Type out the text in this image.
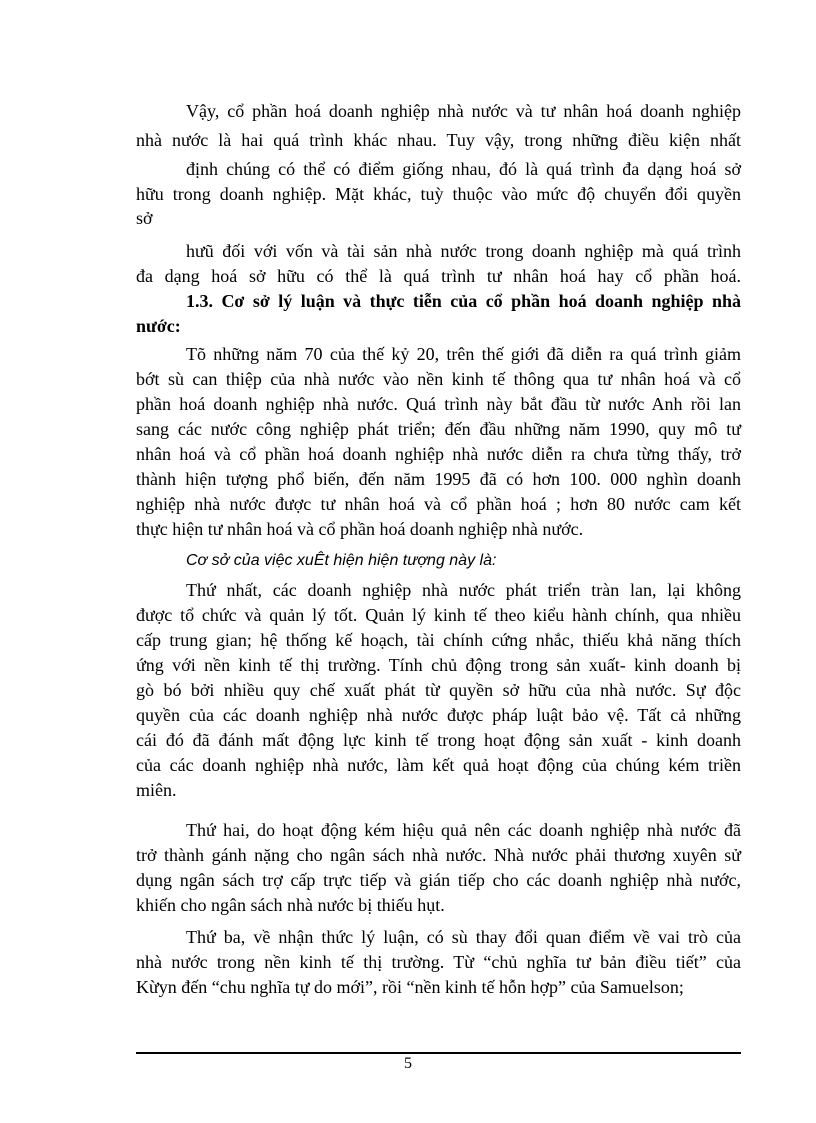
Vậy, cổ phần hoá doanh nghiệp nhà nước và tư nhân hoá doanh nghiệp
nhà nước là hai quá trình khác nhau. Tuy vậy, trong những điều kiện nhất
định chúng có thể có điểm giống nhau, đó là quá trình đa dạng hoá sở
hữu trong doanh nghiệp. Mặt khác, tuỳ thuộc vào mức độ chuyển đổi quyền
sở
hưũ đối với vốn và tài sản nhà nước trong doanh nghiệp mà quá trình
đa dạng hoá sở hữu có thể là quá trình tư nhân hoá hay cổ phần hoá.
1.3. Cơ sở lý luận và thực tiễn của cổ phần hoá doanh nghiệp nhà
nước:
Tõ những năm 70 của thế kỷ 20, trên thế giới đã diễn ra quá trình giảm
bớt sù can thiệp của nhà nước vào nền kinh tế thông qua tư nhân hoá và cổ
phần hoá doanh nghiệp nhà nước. Quá trình này bắt đầu từ nước Anh rồi lan
sang các nước công nghiệp phát triển; đến đầu những năm 1990, quy mô tư
nhân hoá và cổ phần hoá doanh nghiệp nhà nước diễn ra chưa từng thấy, trở
thành hiện tượng phổ biến, đến năm 1995 đã có hơn 100. 000 nghìn doanh
nghiệp nhà nước được tư nhân hoá và cổ phần hoá ; hơn 80 nước cam kết
thực hiện tư nhân hoá và cổ phần hoá doanh nghiệp nhà nước.
Cơ sở của việc xuÊt hiện hiện tượng này là:
Thứ nhất, các doanh nghiệp nhà nước phát triển tràn lan, lại không
được tổ chức và quản lý tốt. Quản lý kinh tế theo kiểu hành chính, qua nhiều
cấp trung gian; hệ thống kế hoạch, tài chính cứng nhắc, thiếu khả năng thích
ứng với nền kinh tế thị trường. Tính chủ động trong sản xuất- kinh doanh bị
gò bó bởi nhiều quy chế xuất phát từ quyền sở hữu của nhà nước. Sự độc
quyền của các doanh nghiệp nhà nước được pháp luật bảo vệ. Tất cả những
cái đó đã đánh mất động lực kinh tế trong hoạt động sản xuất - kinh doanh
của các doanh nghiệp nhà nước, làm kết quả hoạt động của chúng kém triền
miên.
Thứ hai, do hoạt động kém hiệu quả nên các doanh nghiệp nhà nước đã
trở thành gánh nặng cho ngân sách nhà nước. Nhà nước phải thương xuyên sử
dụng ngân sách trợ cấp trực tiếp và gián tiếp cho các doanh nghiệp nhà nước,
khiến cho ngân sách nhà nước bị thiếu hụt.
Thứ ba, về nhận thức lý luận, có sù thay đổi quan điểm về vai trò của
nhà nước trong nền kinh tế thị trường. Từ “chủ nghĩa tư bản điều tiết” của
Kừyn đến “chu nghĩa tự do mới”, rồi “nền kinh tế hỗn hợp” của Samuelson;
5
